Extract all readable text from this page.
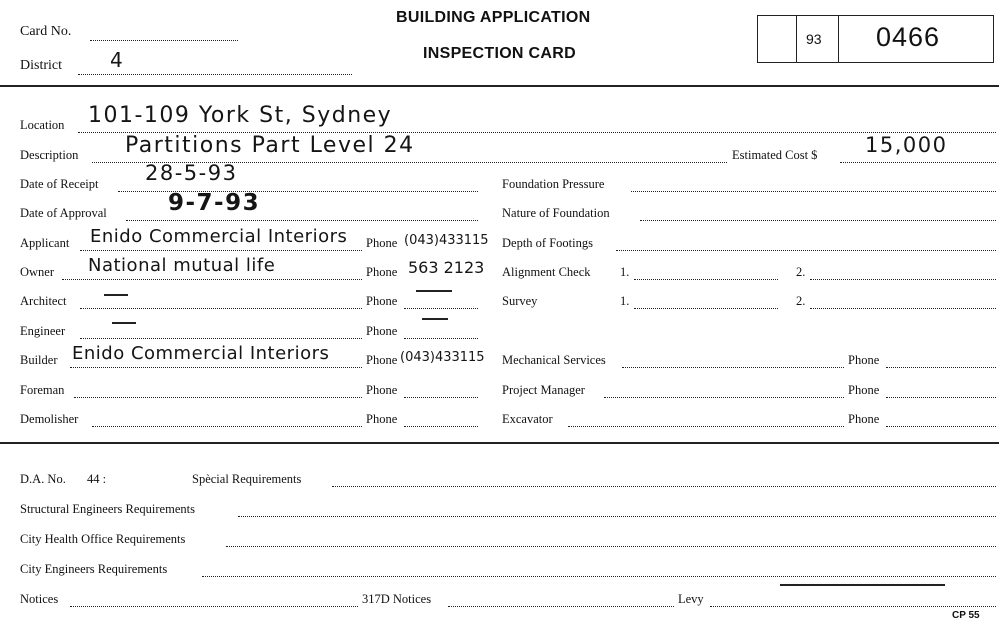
Card No.
District 4
BUILDING APPLICATION
INSPECTION CARD
93 0466
Location 101-109 York St, Sydney
Description Partitions Part Level 24	Estimated Cost $ 15,000
Date of Receipt 28-5-93	Foundation Pressure
Date of Approval	9-7-93	Nature of Foundation
Applicant Enido Commercial Interiors Phone (043)433115 Depth of Footings
Owner National mutual life	Phone 563 2123 Alignment Check 1.	2.
Architect	Phone	Survey	1.	2.
Engineer	Phone
Builder Enido Commercial Interiors	Phone (043)433115 Mechanical Services	Phone
Foreman	Phone	Project Manager	Phone
Demolisher	Phone	Excavator	Phone
D.A. No. 44 :	Spècial Requirements
Structural Engineers Requirements
City Health Office Requirements
City Engineers Requirements
Notices	317D Notices	Levy
CP 55
